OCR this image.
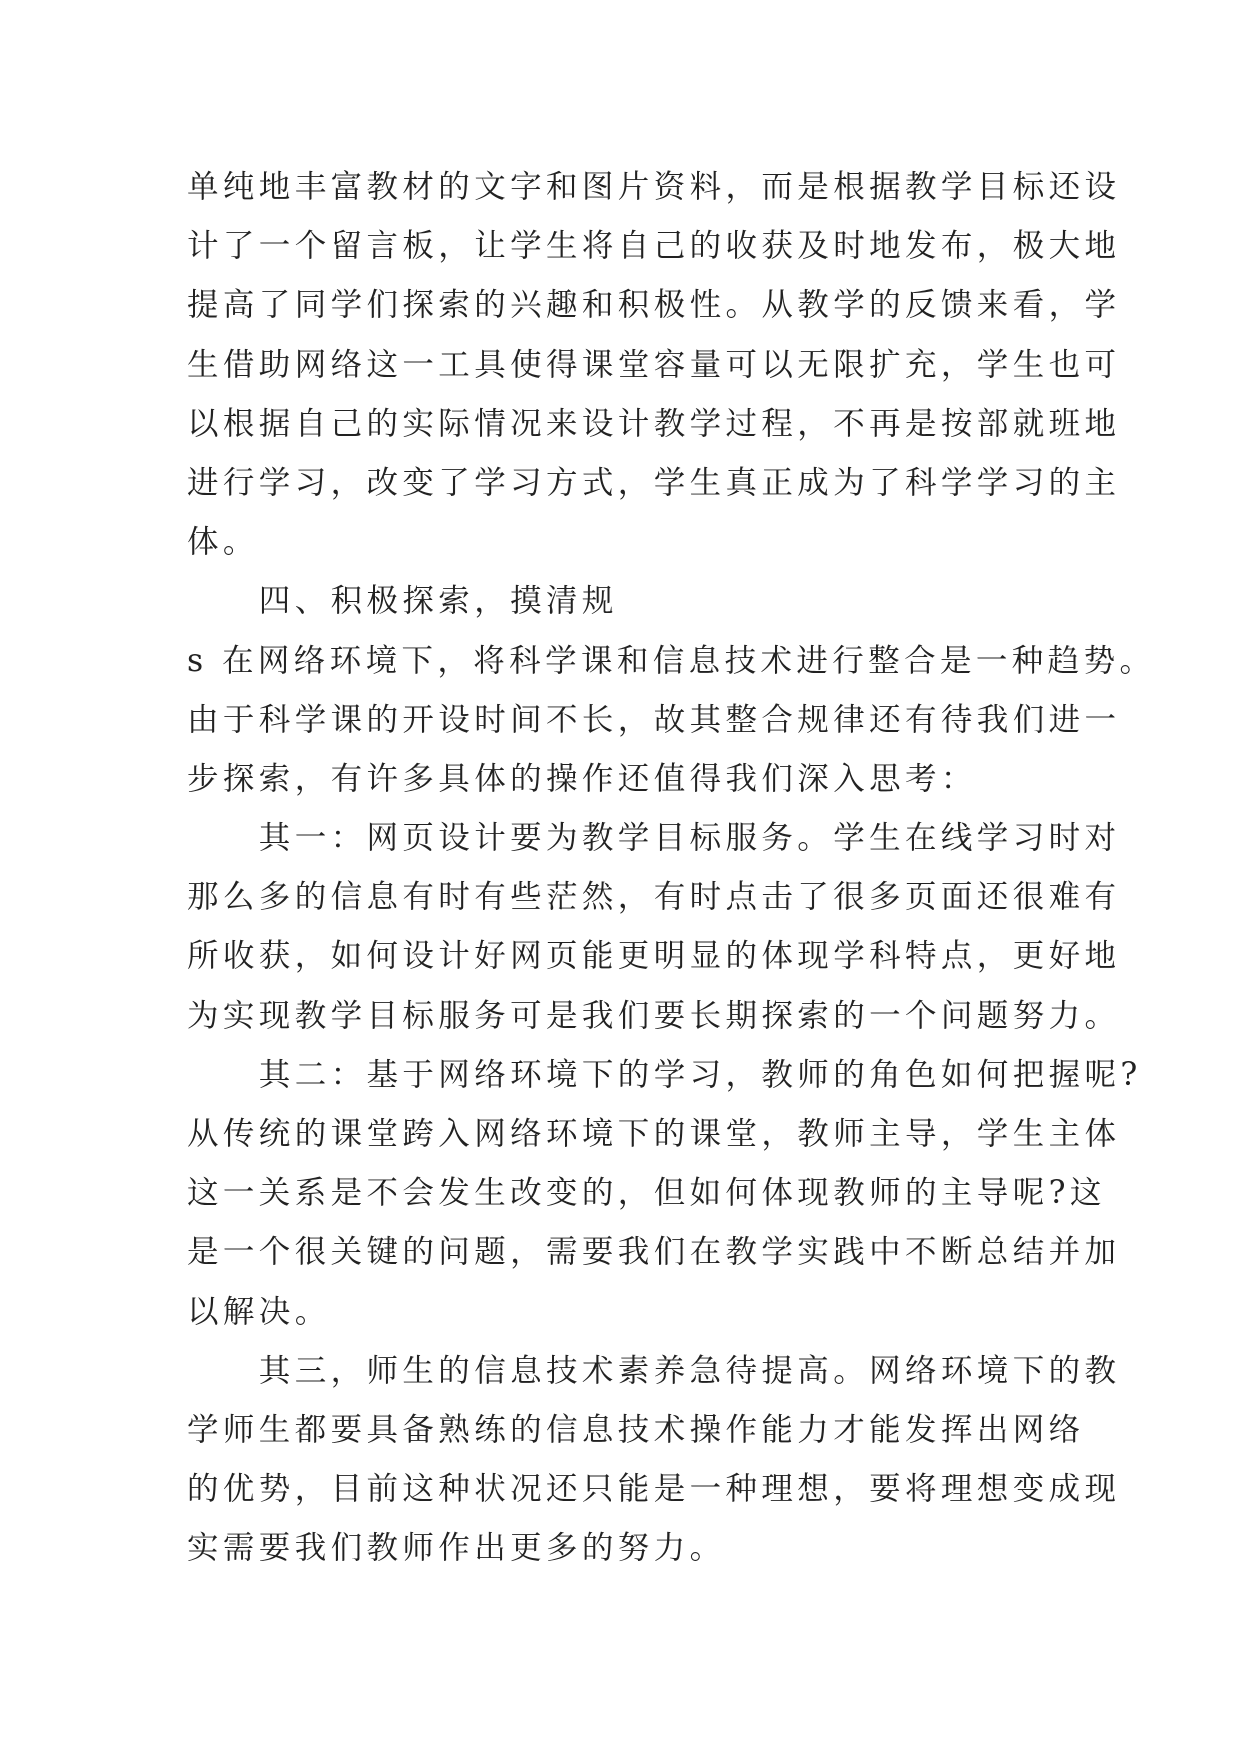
单纯地丰富教材的文字和图片资料，而是根据教学目标还设
计了一个留言板，让学生将自己的收获及时地发布，极大地
提高了同学们探索的兴趣和积极性。从教学的反馈来看，学
生借助网络这一工具使得课堂容量可以无限扩充，学生也可
以根据自己的实际情况来设计教学过程，不再是按部就班地
进行学习，改变了学习方式，学生真正成为了科学学习的主
体。
　　四、积极探索，摸清规
s 在网络环境下，将科学课和信息技术进行整合是一种趋势。
由于科学课的开设时间不长，故其整合规律还有待我们进一
步探索，有许多具体的操作还值得我们深入思考：
　　其一：网页设计要为教学目标服务。学生在线学习时对
那么多的信息有时有些茫然，有时点击了很多页面还很难有
所收获，如何设计好网页能更明显的体现学科特点，更好地
为实现教学目标服务可是我们要长期探索的一个问题努力。
　　其二：基于网络环境下的学习，教师的角色如何把握呢?
从传统的课堂跨入网络环境下的课堂，教师主导，学生主体
这一关系是不会发生改变的，但如何体现教师的主导呢?这
是一个很关键的问题，需要我们在教学实践中不断总结并加
以解决。
　　其三，师生的信息技术素养急待提高。网络环境下的教
学师生都要具备熟练的信息技术操作能力才能发挥出网络
的优势，目前这种状况还只能是一种理想，要将理想变成现
实需要我们教师作出更多的努力。
